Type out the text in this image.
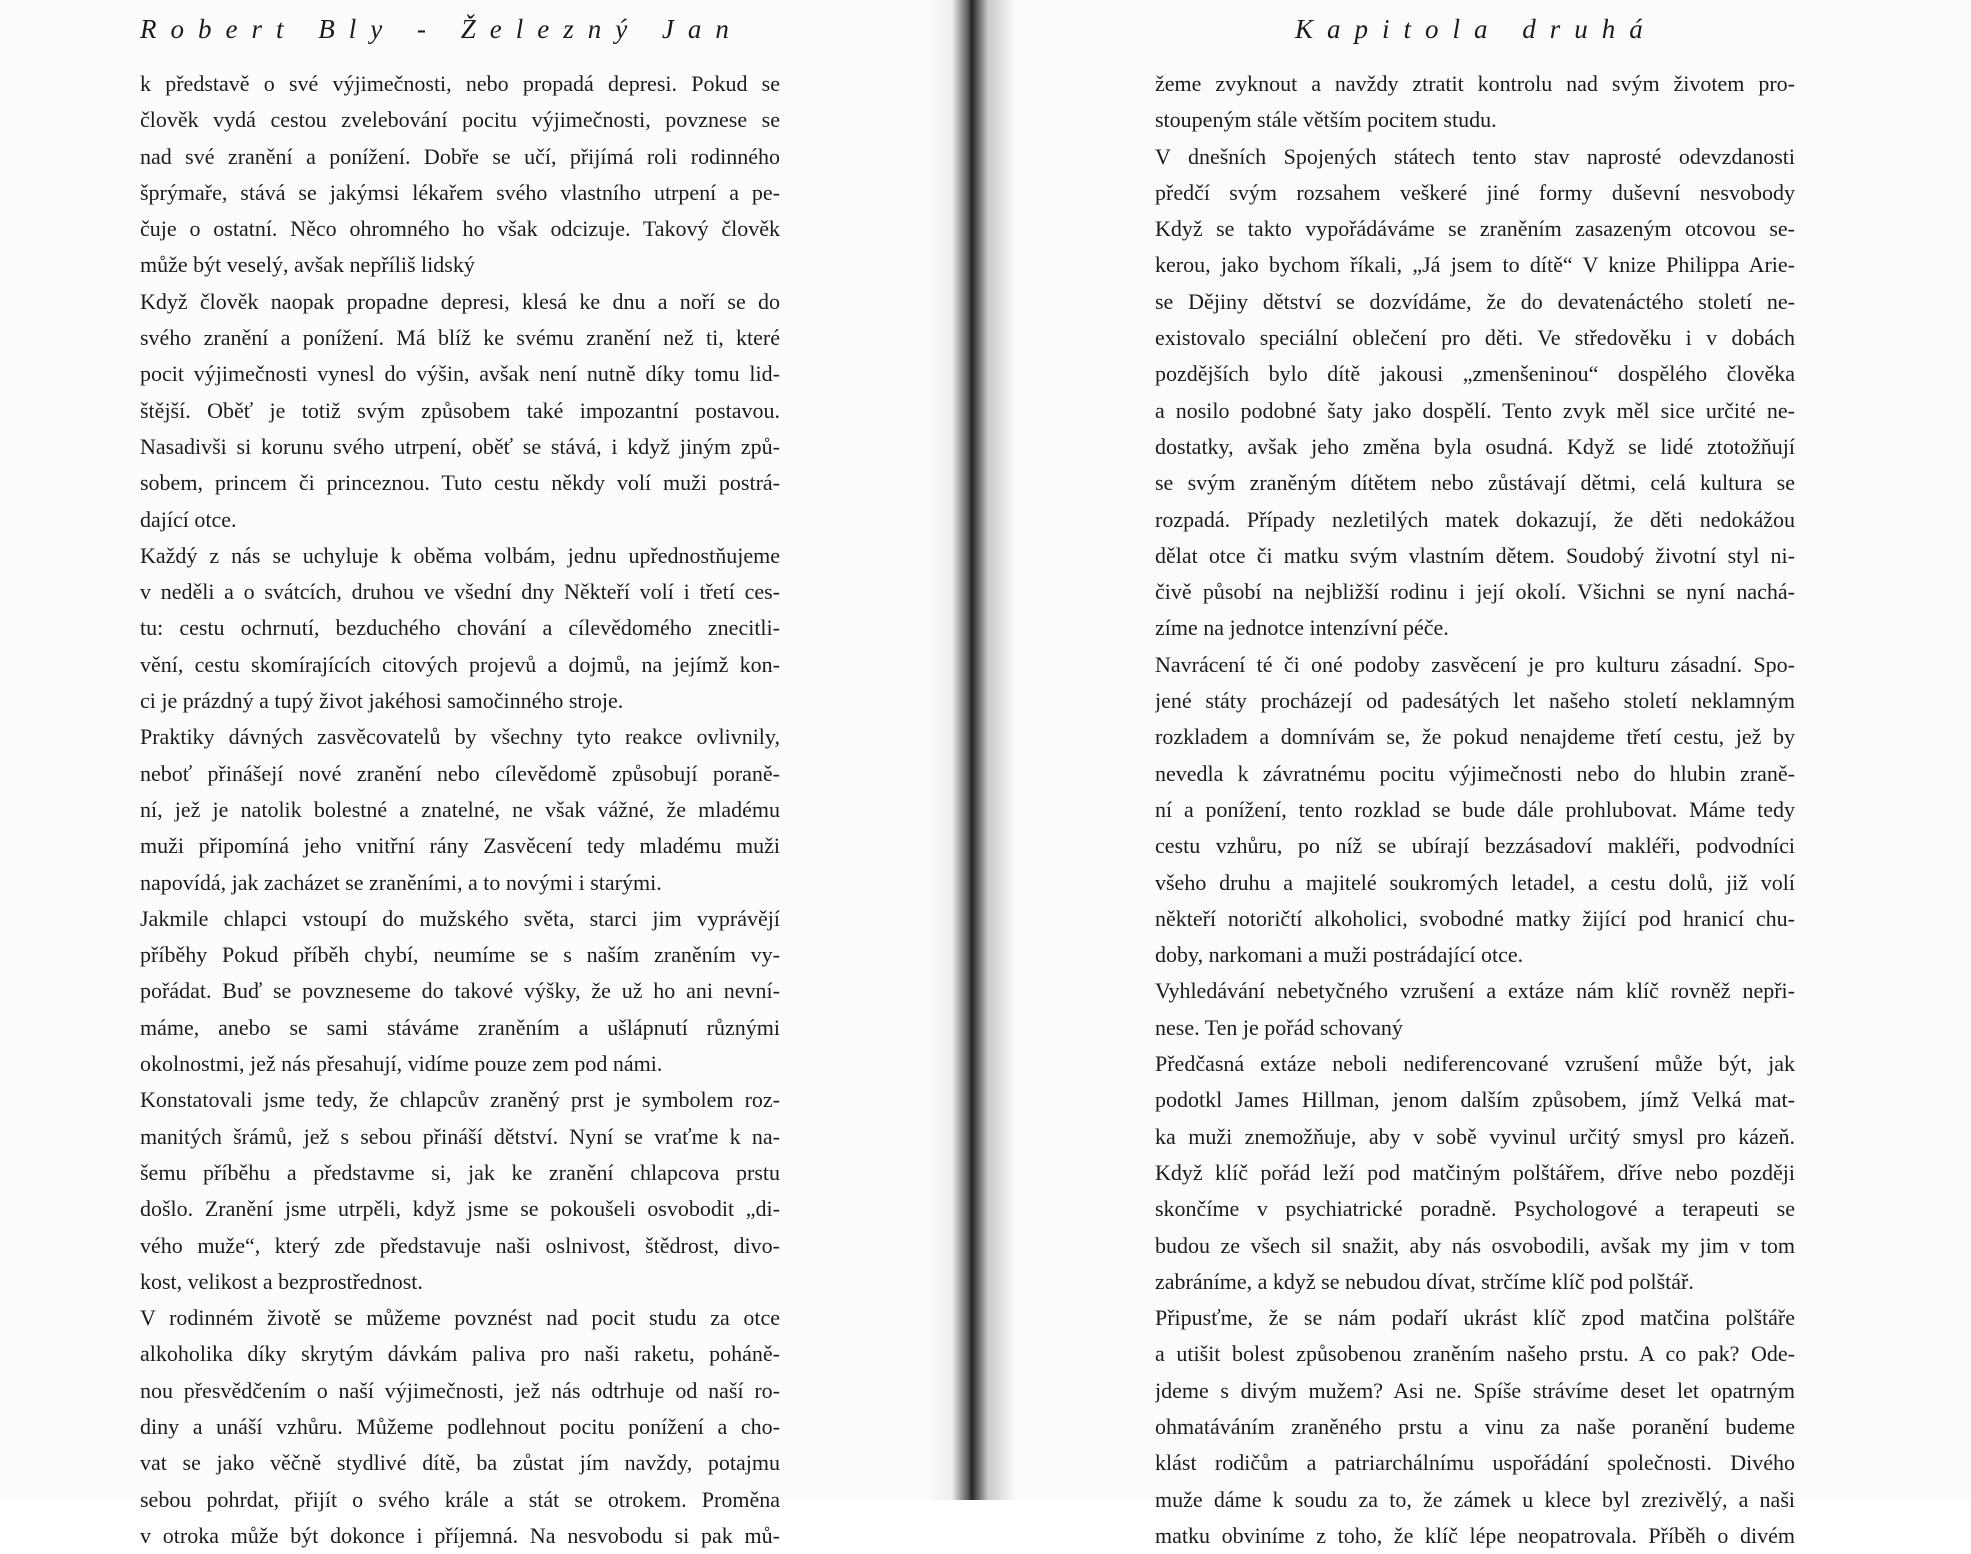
Robert Bly - Železný Jan
k představě o své výjimečnosti, nebo propadá depresi. Pokud se
člověk vydá cestou zvelebování pocitu výjimečnosti, povznese se
nad své zranění a ponížení. Dobře se učí, přijímá roli rodinného
šprýmaře, stává se jakýmsi lékařem svého vlastního utrpení a pe-
čuje o ostatní. Něco ohromného ho však odcizuje. Takový člověk
může být veselý, avšak nepříliš lidský
Když člověk naopak propadne depresi, klesá ke dnu a noří se do
svého zranění a ponížení. Má blíž ke svému zranění než ti, které
pocit výjimečnosti vynesl do výšin, avšak není nutně díky tomu lid-
štější. Oběť je totiž svým způsobem také impozantní postavou.
Nasadivši si korunu svého utrpení, oběť se stává, i když jiným způ-
sobem, princem či princeznou. Tuto cestu někdy volí muži postrá-
dající otce.
Každý z nás se uchyluje k oběma volbám, jednu upřednostňujeme
v neděli a o svátcích, druhou ve všední dny Někteří volí i třetí ces-
tu: cestu ochrnutí, bezduchého chování a cílevědomého znecitli-
vění, cestu skomírajících citových projevů a dojmů, na jejímž kon-
ci je prázdný a tupý život jakéhosi samočinného stroje.
Praktiky dávných zasvěcovatelů by všechny tyto reakce ovlivnily,
neboť přinášejí nové zranění nebo cílevědomě způsobují poraně-
ní, jež je natolik bolestné a znatelné, ne však vážné, že mladému
muži připomíná jeho vnitřní rány Zasvěcení tedy mladému muži
napovídá, jak zacházet se zraněními, a to novými i starými.
Jakmile chlapci vstoupí do mužského světa, starci jim vyprávějí
příběhy Pokud příběh chybí, neumíme se s naším zraněním vy-
pořádat. Buď se povzneseme do takové výšky, že už ho ani nevní-
máme, anebo se sami stáváme zraněním a ušlápnutí různými
okolnostmi, jež nás přesahují, vidíme pouze zem pod námi.
Konstatovali jsme tedy, že chlapcův zraněný prst je symbolem roz-
manitých šrámů, jež s sebou přináší dětství. Nyní se vraťme k na-
šemu příběhu a představme si, jak ke zranění chlapcova prstu
došlo. Zranění jsme utrpěli, když jsme se pokoušeli osvobodit „di-
vého muže“, který zde představuje naši oslnivost, štědrost, divo-
kost, velikost a bezprostřednost.
V rodinném životě se můžeme povznést nad pocit studu za otce
alkoholika díky skrytým dávkám paliva pro naši raketu, poháně-
nou přesvědčením o naší výjimečnosti, jež nás odtrhuje od naší ro-
diny a unáší vzhůru. Můžeme podlehnout pocitu ponížení a cho-
vat se jako věčně stydlivé dítě, ba zůstat jím navždy, potajmu
sebou pohrdat, přijít o svého krále a stát se otrokem. Proměna
v otroka může být dokonce i příjemná. Na nesvobodu si pak mů-
Kapitola druhá
žeme zvyknout a navždy ztratit kontrolu nad svým životem pro-
stoupeným stále větším pocitem studu.
V dnešních Spojených státech tento stav naprosté odevzdanosti
předčí svým rozsahem veškeré jiné formy duševní nesvobody
Když se takto vypořádáváme se zraněním zasazeným otcovou se-
kerou, jako bychom říkali, „Já jsem to dítě“ V knize Philippa Arie-
se Dějiny dětství se dozvídáme, že do devatenáctého století ne-
existovalo speciální oblečení pro děti. Ve středověku i v dobách
pozdějších bylo dítě jakousi „zmenšeninou“ dospělého člověka
a nosilo podobné šaty jako dospělí. Tento zvyk měl sice určité ne-
dostatky, avšak jeho změna byla osudná. Když se lidé ztotožňují
se svým zraněným dítětem nebo zůstávají dětmi, celá kultura se
rozpadá. Případy nezletilých matek dokazují, že děti nedokážou
dělat otce či matku svým vlastním dětem. Soudobý životní styl ni-
čivě působí na nejbližší rodinu i její okolí. Všichni se nyní nachá-
zíme na jednotce intenzívní péče.
Navrácení té či oné podoby zasvěcení je pro kulturu zásadní. Spo-
jené státy procházejí od padesátých let našeho století neklamným
rozkladem a domnívám se, že pokud nenajdeme třetí cestu, jež by
nevedla k závratnému pocitu výjimečnosti nebo do hlubin zraně-
ní a ponížení, tento rozklad se bude dále prohlubovat. Máme tedy
cestu vzhůru, po níž se ubírají bezzásadoví makléři, podvodníci
všeho druhu a majitelé soukromých letadel, a cestu dolů, již volí
někteří notoričtí alkoholici, svobodné matky žijící pod hranicí chu-
doby, narkomani a muži postrádající otce.
Vyhledávání nebetyčného vzrušení a extáze nám klíč rovněž nepři-
nese. Ten je pořád schovaný
Předčasná extáze neboli nediferencované vzrušení může být, jak
podotkl James Hillman, jenom dalším způsobem, jímž Velká mat-
ka muži znemožňuje, aby v sobě vyvinul určitý smysl pro kázeň.
Když klíč pořád leží pod matčiným polštářem, dříve nebo později
skončíme v psychiatrické poradně. Psychologové a terapeuti se
budou ze všech sil snažit, aby nás osvobodili, avšak my jim v tom
zabráníme, a když se nebudou dívat, strčíme klíč pod polštář.
Připusťme, že se nám podaří ukrást klíč zpod matčina polštáře
a utišit bolest způsobenou zraněním našeho prstu. A co pak? Ode-
jdeme s divým mužem? Asi ne. Spíše strávíme deset let opatrným
ohmatáváním zraněného prstu a vinu za naše poranění budeme
klást rodičům a patriarchálnímu uspořádání společnosti. Divého
muže dáme k soudu za to, že zámek u klece byl zrezivělý, a naši
matku obviníme z toho, že klíč lépe neopatrovala. Příběh o divém
